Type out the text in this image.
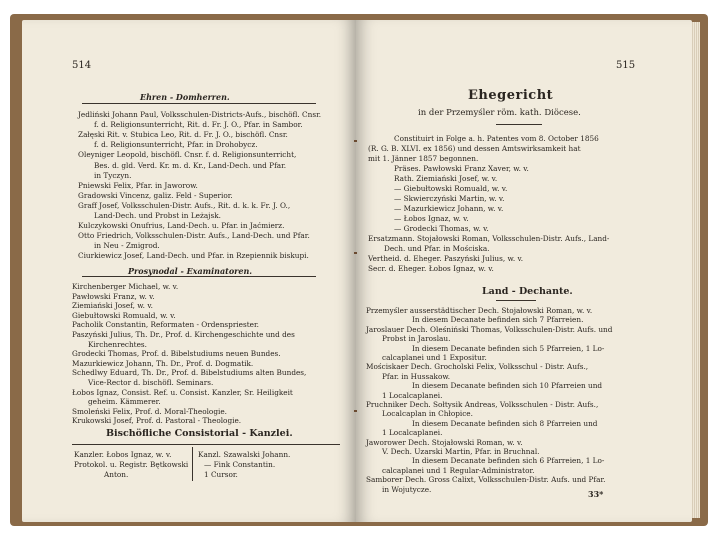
514
Ehren - Domherren.
Jedliński Johann Paul, Volksschulen-Districts-Aufs., bischöfl. Cnsr.
f. d. Religionsunterricht, Rit. d. Fr. J. O., Pfar. in Sambor.
Załęski Rit. v. Stubica Leo, Rit. d. Fr. J. O., bischöfl. Cnsr.
f. d. Religionsunterricht, Pfar. in Drohobycz.
Oleyniger Leopold, bischöfl. Cnsr. f. d. Religionsunterricht,
Bes. d. gld. Verd. Kr. m. d. Kr., Land-Dech. und Pfar.
in Tyczyn.
Pniewski Felix, Pfar. in Jaworow.
Gradowski Vincenz, galiz. Feld - Superior.
Graff Josef, Volksschulen-Distr. Aufs., Rit. d. k. k. Fr. J. O.,
Land-Dech. und Probst in Leżajsk.
Kulczykowski Onufrius, Land-Dech. u. Pfar. in Jaćmierz.
Otto Friedrich, Volksschulen-Distr. Aufs., Land-Dech. und Pfar.
in Neu - Zmigrod.
Ciurkiewicz Josef, Land-Dech. und Pfar. in Rzepiennik biskupi.
Prosynodal - Examinatoren.
Kirchenberger Michael, w. v.
Pawłowski Franz, w. v.
Ziemiański Josef, w. v.
Giebułtowski Romuald, w. v.
Pacholik Constantin, Reformaten - Ordenspriester.
Paszyński Julius, Th. Dr., Prof. d. Kirchengeschichte und des
Kirchenrechtes.
Grodecki Thomas, Prof. d. Bibelstudiums neuen Bundes.
Mazurkiewicz Johann, Th. Dr., Prof. d. Dogmatik.
Schedlwy Eduard, Th. Dr., Prof. d. Bibelstudiums alten Bundes,
Vice-Rector d. bischöfl. Seminars.
Łobos Ignaz, Consist. Ref. u. Consist. Kanzler, Sr. Heiligkeit
geheim. Kämmerer.
Smoleński Felix, Prof. d. Moral-Theologie.
Krukowski Josef, Prof. d. Pastoral - Theologie.
Bischöfliche Consistorial - Kanzlei.
Kanzler. Łobos Ignaz, w. v.
Protokol. u. Registr. Bętkowski
Anton.
Kanzl. Szawalski Johann.
— Fink Constantin.
1 Cursor.
515
Ehegericht
in der Przemyśler röm. kath. Diöcese.
Constituirt in Folge a. h. Patentes vom 8. October 1856
(R. G. B. XLVI. ex 1856) und dessen Amtswirksamkeit hat
mit 1. Jänner 1857 begonnen.
Präses. Pawłowski Franz Xaver, w. v.
Rath. Ziemiański Josef, w. v.
— Giebułtowski Romuald, w. v.
— Skwierczyński Martin, w. v.
— Mazurkiewicz Johann, w. v.
— Łobos Ignaz, w. v.
— Grodecki Thomas, w. v.
Ersatzmann. Stojałowski Roman, Volksschulen-Distr. Aufs., Land-
Dech. und Pfar. in Mościska.
Vertheid. d. Eheger. Paszyński Julius, w. v.
Secr. d. Eheger. Łobos Ignaz, w. v.
Land - Dechante.
Przemyśler ausserstädtischer Dech. Stojałowski Roman, w. v.
In diesem Decanate befinden sich 7 Pfarreien.
Jaroslauer Dech. Oleśniński Thomas, Volksschulen-Distr. Aufs. und
Probst in Jaroslau.
In diesem Decanate befinden sich 5 Pfarreien, 1 Lo-
calcaplanei und 1 Expositur.
Mościskaer Dech. Grocholski Felix, Volksschul - Distr. Aufs.,
Pfar. in Hussakow.
In diesem Decanate befinden sich 10 Pfarreien und
1 Localcaplanei.
Pruchniker Dech. Sołtysik Andreas, Volksschulen - Distr. Aufs.,
Localcaplan in Chłopice.
In diesem Decanate befinden sich 8 Pfarreien und
1 Localcaplanei.
Jaworower Dech. Stojałowski Roman, w. v.
V. Dech. Uzarski Martin, Pfar. in Bruchnal.
In diesem Decanate befinden sich 6 Pfarreien, 1 Lo-
calcaplanei und 1 Regular-Administrator.
Samborer Dech. Gross Calixt, Volksschulen-Distr. Aufs. und Pfar.
in Wojutycze.	33*
